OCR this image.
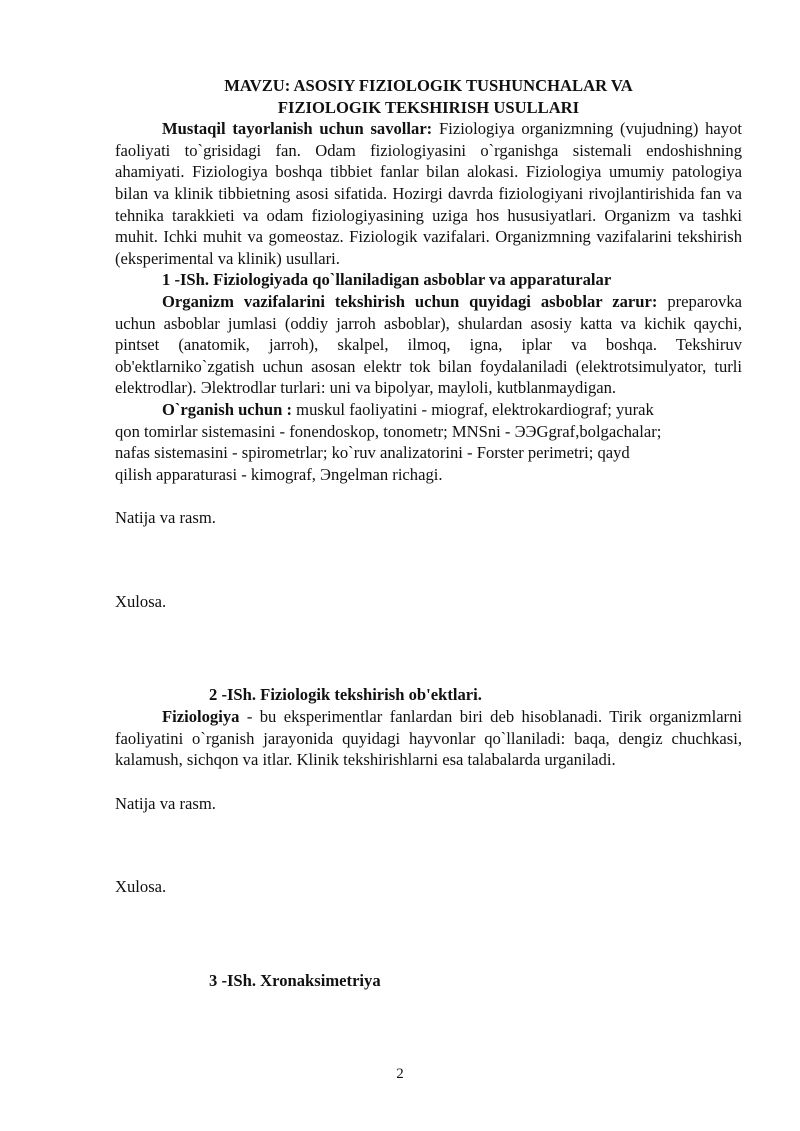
MAVZU: ASOSIY FIZIOLOGIK TUSHUNCHALAR VA

FIZIOLOGIK TEKSHIRISH USULLARI

Mustaqil tayorlanish uchun savollar: Fiziologiya organizmning (vujudning) hayot faoliyati to`grisidagi fan. Odam fiziologiyasini o`rganishga sistemali endoshishning ahamiyati. Fiziologiya boshqa tibbiet fanlar bilan alokasi. Fiziologiya umumiy patologiya bilan va klinik tibbietning asosi sifatida. Hozirgi davrda fiziologiyani rivojlantirishida fan va tehnika tarakkieti va odam fiziologiyasining uziga hos hususiyatlari. Organizm va tashki muhit. Ichki muhit va gomeostaz. Fiziologik vazifalari. Organizmning vazifalarini tekshirish (eksperimental va klinik) usullari.

1 -ISh. Fiziologiyada qo`llaniladigan asboblar va apparaturalar

Organizm vazifalarini tekshirish uchun quyidagi asboblar zarur: preparovka uchun asboblar jumlasi (oddiy jarroh asboblar), shulardan asosiy katta va kichik qaychi, pintset (anatomik, jarroh), skalpel, ilmoq, igna, iplar va boshqa. Tekshiruv ob'ektlarniko`zgatish uchun asosan elektr tok bilan foydalaniladi (elektrotsimulyator, turli elektrodlar). Эlektrodlar turlari: uni va bipolyar, mayloli, kutblanmaydigan.

O`rganish uchun : muskul faoliyatini - miograf, elektrokardiograf; yurak
qon tomirlar sistemasini - fonendoskop, tonometr; MNSni - ЭЭGgraf,bolgachalar;
nafas sistemasini - spirometrlar; ko`ruv analizatorini - Forster perimetri; qayd
qilish apparaturasi - kimograf, Эngelman richagi.

Natija va rasm.

Xulosa.

2 -ISh. Fiziologik tekshirish ob'ektlari.

Fiziologiya - bu eksperimentlar fanlardan biri deb hisoblanadi. Tirik organizmlarni faoliyatini o`rganish jarayonida quyidagi hayvonlar qo`llaniladi: baqa, dengiz chuchkasi, kalamush, sichqon va itlar. Klinik tekshirishlarni esa talabalarda urganiladi.

Natija va rasm.

Xulosa.

3 -ISh. Xronaksimetriya

2
